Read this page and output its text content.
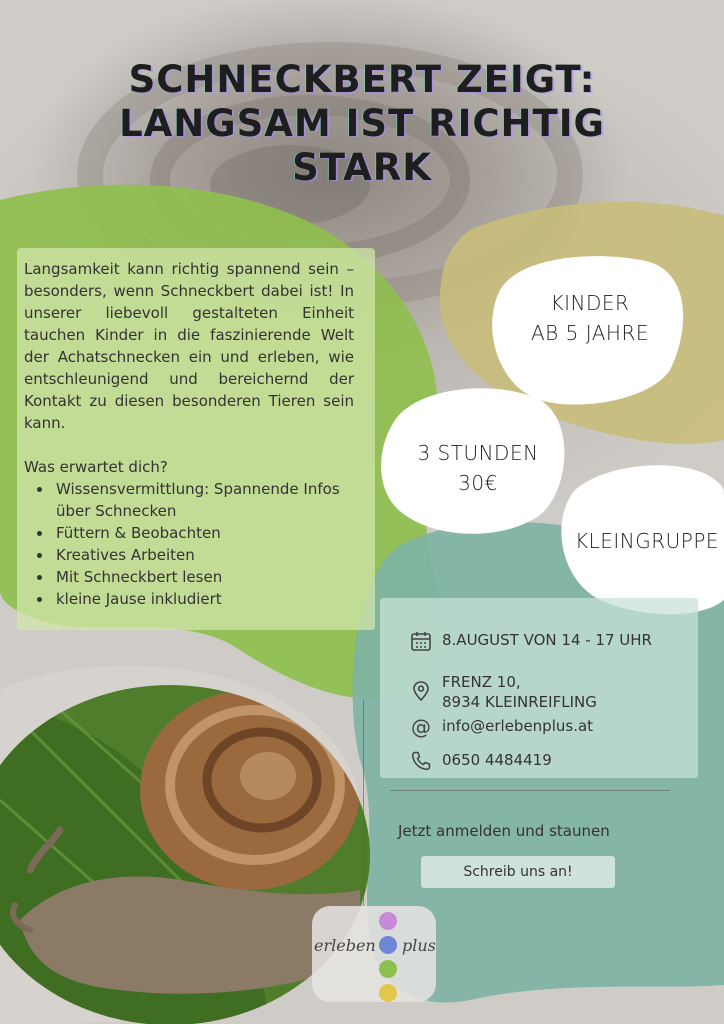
SCHNECKBERT ZEIGT:
LANGSAM IST RICHTIG
STARK

Langsamkeit kann richtig spannend sein – besonders, wenn Schneckbert dabei ist! In unserer liebevoll gestalteten Einheit tauchen Kinder in die faszinierende Welt der Achatschnecken ein und erleben, wie entschleunigend und bereichernd der Kontakt zu diesen besonderen Tieren sein kann.

Was erwartet dich?

Wissensvermittlung: Spannende Infos über Schnecken
Füttern & Beobachten
Kreatives Arbeiten
Mit Schneckbert lesen
kleine Jause inkludiert
KINDER
AB 5 JAHRE
3 STUNDEN
30€
KLEINGRUPPE
8.AUGUST VON 14 - 17 UHR
FRENZ 10,
8934 KLEINREIFLING
@ info@erlebenplus.at
0650 4484419

Jetzt anmelden und staunen

Schreib uns an!
erleben plus
